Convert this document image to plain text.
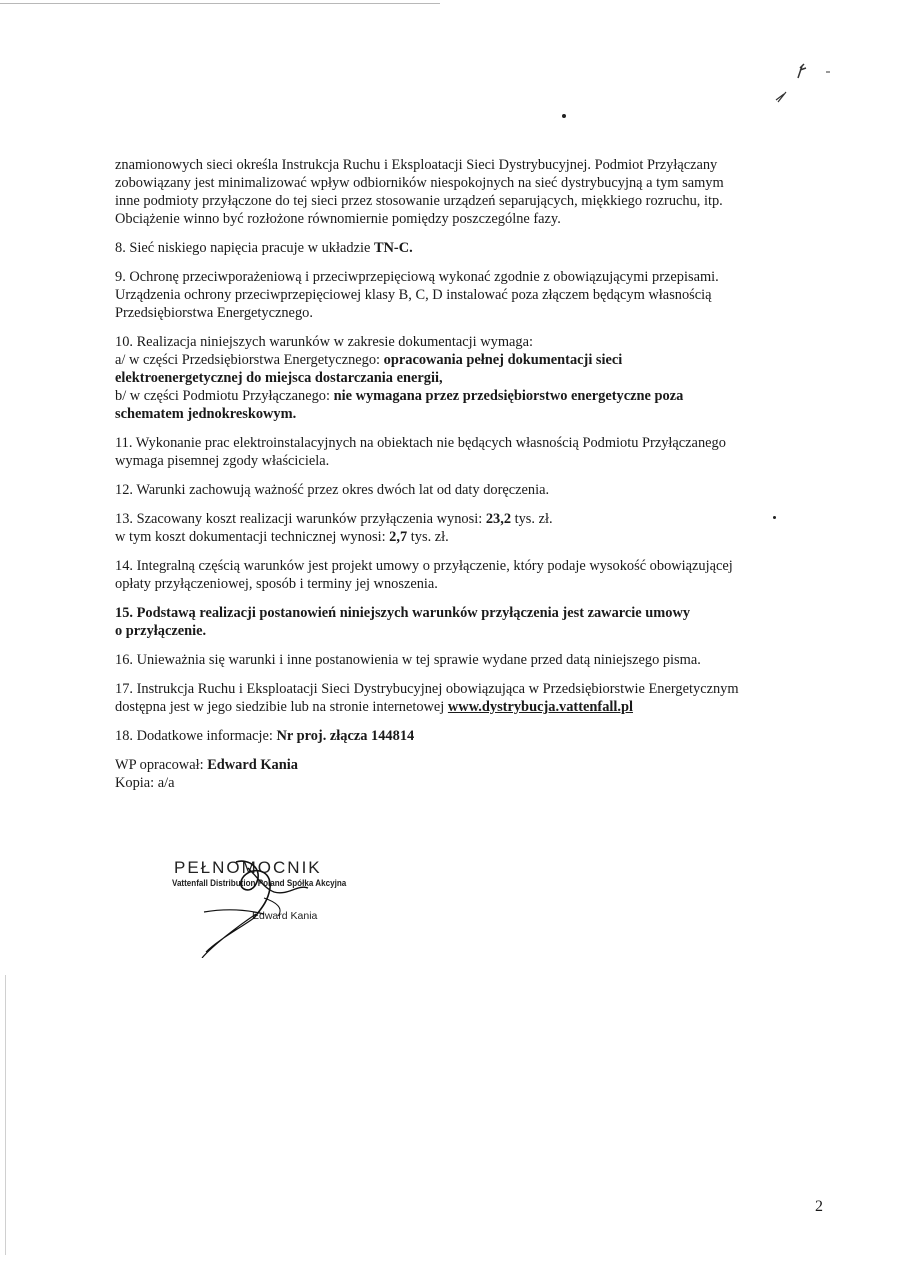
znamionowych sieci określa Instrukcja Ruchu i Eksploatacji Sieci Dystrybucyjnej. Podmiot Przyłączany
zobowiązany jest minimalizować wpływ odbiorników niespokojnych na sieć dystrybucyjną a tym samym
inne podmioty przyłączone do tej sieci przez stosowanie urządzeń separujących, miękkiego rozruchu, itp.
Obciążenie winno być rozłożone równomiernie pomiędzy poszczególne fazy.
8. Sieć niskiego napięcia pracuje w układzie TN-C.
9. Ochronę przeciwporażeniową i przeciwprzepięciową wykonać zgodnie z obowiązującymi przepisami.
Urządzenia ochrony przeciwprzepięciowej klasy B, C, D instalować poza złączem będącym własnością
Przedsiębiorstwa Energetycznego.
10. Realizacja niniejszych warunków w zakresie dokumentacji wymaga:
a/ w części Przedsiębiorstwa Energetycznego: opracowania pełnej dokumentacji sieci
elektroenergetycznej do miejsca dostarczania energii,
b/ w części Podmiotu Przyłączanego: nie wymagana przez przedsiębiorstwo energetyczne poza
schematem jednokreskowym.
11. Wykonanie prac elektroinstalacyjnych na obiektach nie będących własnością Podmiotu Przyłączanego
wymaga pisemnej zgody właściciela.
12. Warunki zachowują ważność przez okres dwóch lat od daty doręczenia.
13. Szacowany koszt realizacji warunków przyłączenia wynosi: 23,2 tys. zł.
w tym koszt dokumentacji technicznej wynosi: 2,7 tys. zł.
14. Integralną częścią warunków jest projekt umowy o przyłączenie, który podaje wysokość obowiązującej
opłaty przyłączeniowej, sposób i terminy jej wnoszenia.
15. Podstawą realizacji postanowień niniejszych warunków przyłączenia jest zawarcie umowy
o przyłączenie.
16. Unieważnia się warunki i inne postanowienia w tej sprawie wydane przed datą niniejszego pisma.
17. Instrukcja Ruchu i Eksploatacji Sieci Dystrybucyjnej obowiązująca w Przedsiębiorstwie Energetycznym
dostępna jest w jego siedzibie lub na stronie internetowej www.dystrybucja.vattenfall.pl
18. Dodatkowe informacje: Nr proj. złącza 144814
WP opracował: Edward Kania
Kopia: a/a
PEŁNOMOCNIK
Vattenfall Distribution Poland Spółka Akcyjna
Edward Kania
2
